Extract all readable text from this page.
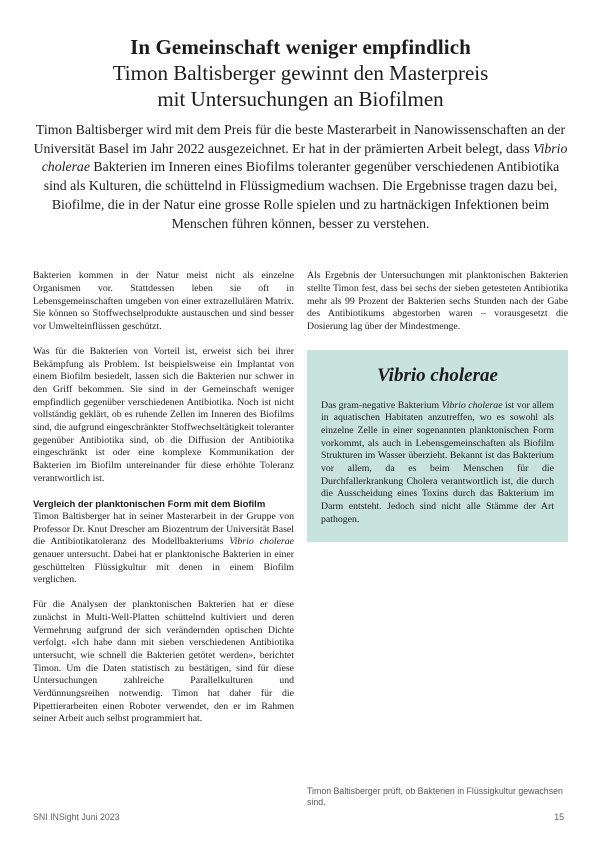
In Gemeinschaft weniger empfindlich
Timon Baltisberger gewinnt den Masterpreis
mit Untersuchungen an Biofilmen

Timon Baltisberger wird mit dem Preis für die beste Masterarbeit in Nanowissenschaften an der Universität Basel im Jahr 2022 ausgezeichnet. Er hat in der prämierten Arbeit belegt, dass Vibrio cholerae Bakterien im Inneren eines Biofilms toleranter gegenüber verschiedenen Antibiotika sind als Kulturen, die schüttelnd in Flüssigmedium wachsen. Die Ergebnisse tragen dazu bei, Biofilme, die in der Natur eine grosse Rolle spielen und zu hartnäckigen Infektionen beim Menschen führen können, besser zu verstehen.

Bakterien kommen in der Natur meist nicht als einzelne Organismen vor. Stattdessen leben sie oft in Lebensgemeinschaften umgeben von einer extrazellulären Matrix. Sie können so Stoffwechselprodukte austauschen und sind besser vor Umwelteinflüssen geschützt.

Was für die Bakterien von Vorteil ist, erweist sich bei ihrer Bekämpfung als Problem. Ist beispielsweise ein Implantat von einem Biofilm besiedelt, lassen sich die Bakterien nur schwer in den Griff bekommen. Sie sind in der Gemeinschaft weniger empfindlich gegenüber verschiedenen Antibiotika. Noch ist nicht vollständig geklärt, ob es ruhende Zellen im Inneren des Biofilms sind, die aufgrund eingeschränkter Stoffwechseltätigkeit toleranter gegenüber Antibiotika sind, ob die Diffusion der Antibiotika eingeschränkt ist oder eine komplexe Kommunikation der Bakterien im Biofilm untereinander für diese erhöhte Toleranz verantwortlich ist.

Vergleich der planktonischen Form mit dem Biofilm

Timon Baltisberger hat in seiner Masterarbeit in der Gruppe von Professor Dr. Knut Drescher am Biozentrum der Universität Basel die Antibiotikatoleranz des Modellbakteriums Vibrio cholerae genauer untersucht. Dabei hat er planktonische Bakterien in einer geschüttelten Flüssigkultur mit denen in einem Biofilm verglichen.

Für die Analysen der planktonischen Bakterien hat er diese zunächst in Multi-Well-Platten schüttelnd kultiviert und deren Vermehrung aufgrund der sich verändernden optischen Dichte verfolgt. «Ich habe dann mit sieben verschiedenen Antibiotika untersucht, wie schnell die Bakterien getötet werden», berichtet Timon. Um die Daten statistisch zu bestätigen, sind für diese Untersuchungen zahlreiche Parallelkulturen und Verdünnungsreihen notwendig. Timon hat daher für die Pipettierarbeiten einen Roboter verwendet, den er im Rahmen seiner Arbeit auch selbst programmiert hat.

Als Ergebnis der Untersuchungen mit planktonischen Bakterien stellte Timon fest, dass bei sechs der sieben getesteten Antibiotika mehr als 99 Prozent der Bakterien sechs Stunden nach der Gabe des Antibiotikums abgestorben waren – vorausgesetzt die Dosierung lag über der Mindestmenge.

Vibrio cholerae

Das gram-negative Bakterium Vibrio cholerae ist vor allem in aquatischen Habitaten anzutreffen, wo es sowohl als einzelne Zelle in einer sogenannten planktonischen Form vorkommt, als auch in Lebensgemeinschaften als Biofilm Strukturen im Wasser überzieht. Bekannt ist das Bakterium vor allem, da es beim Menschen für die Durchfallerkrankung Cholera verantwortlich ist, die durch die Ausscheidung eines Toxins durch das Bakterium im Darm entsteht. Jedoch sind nicht alle Stämme der Art pathogen.

Timon Baltisberger prüft, ob Bakterien in Flüssigkultur gewachsen sind.
SNI INSight Juni 2023	15
